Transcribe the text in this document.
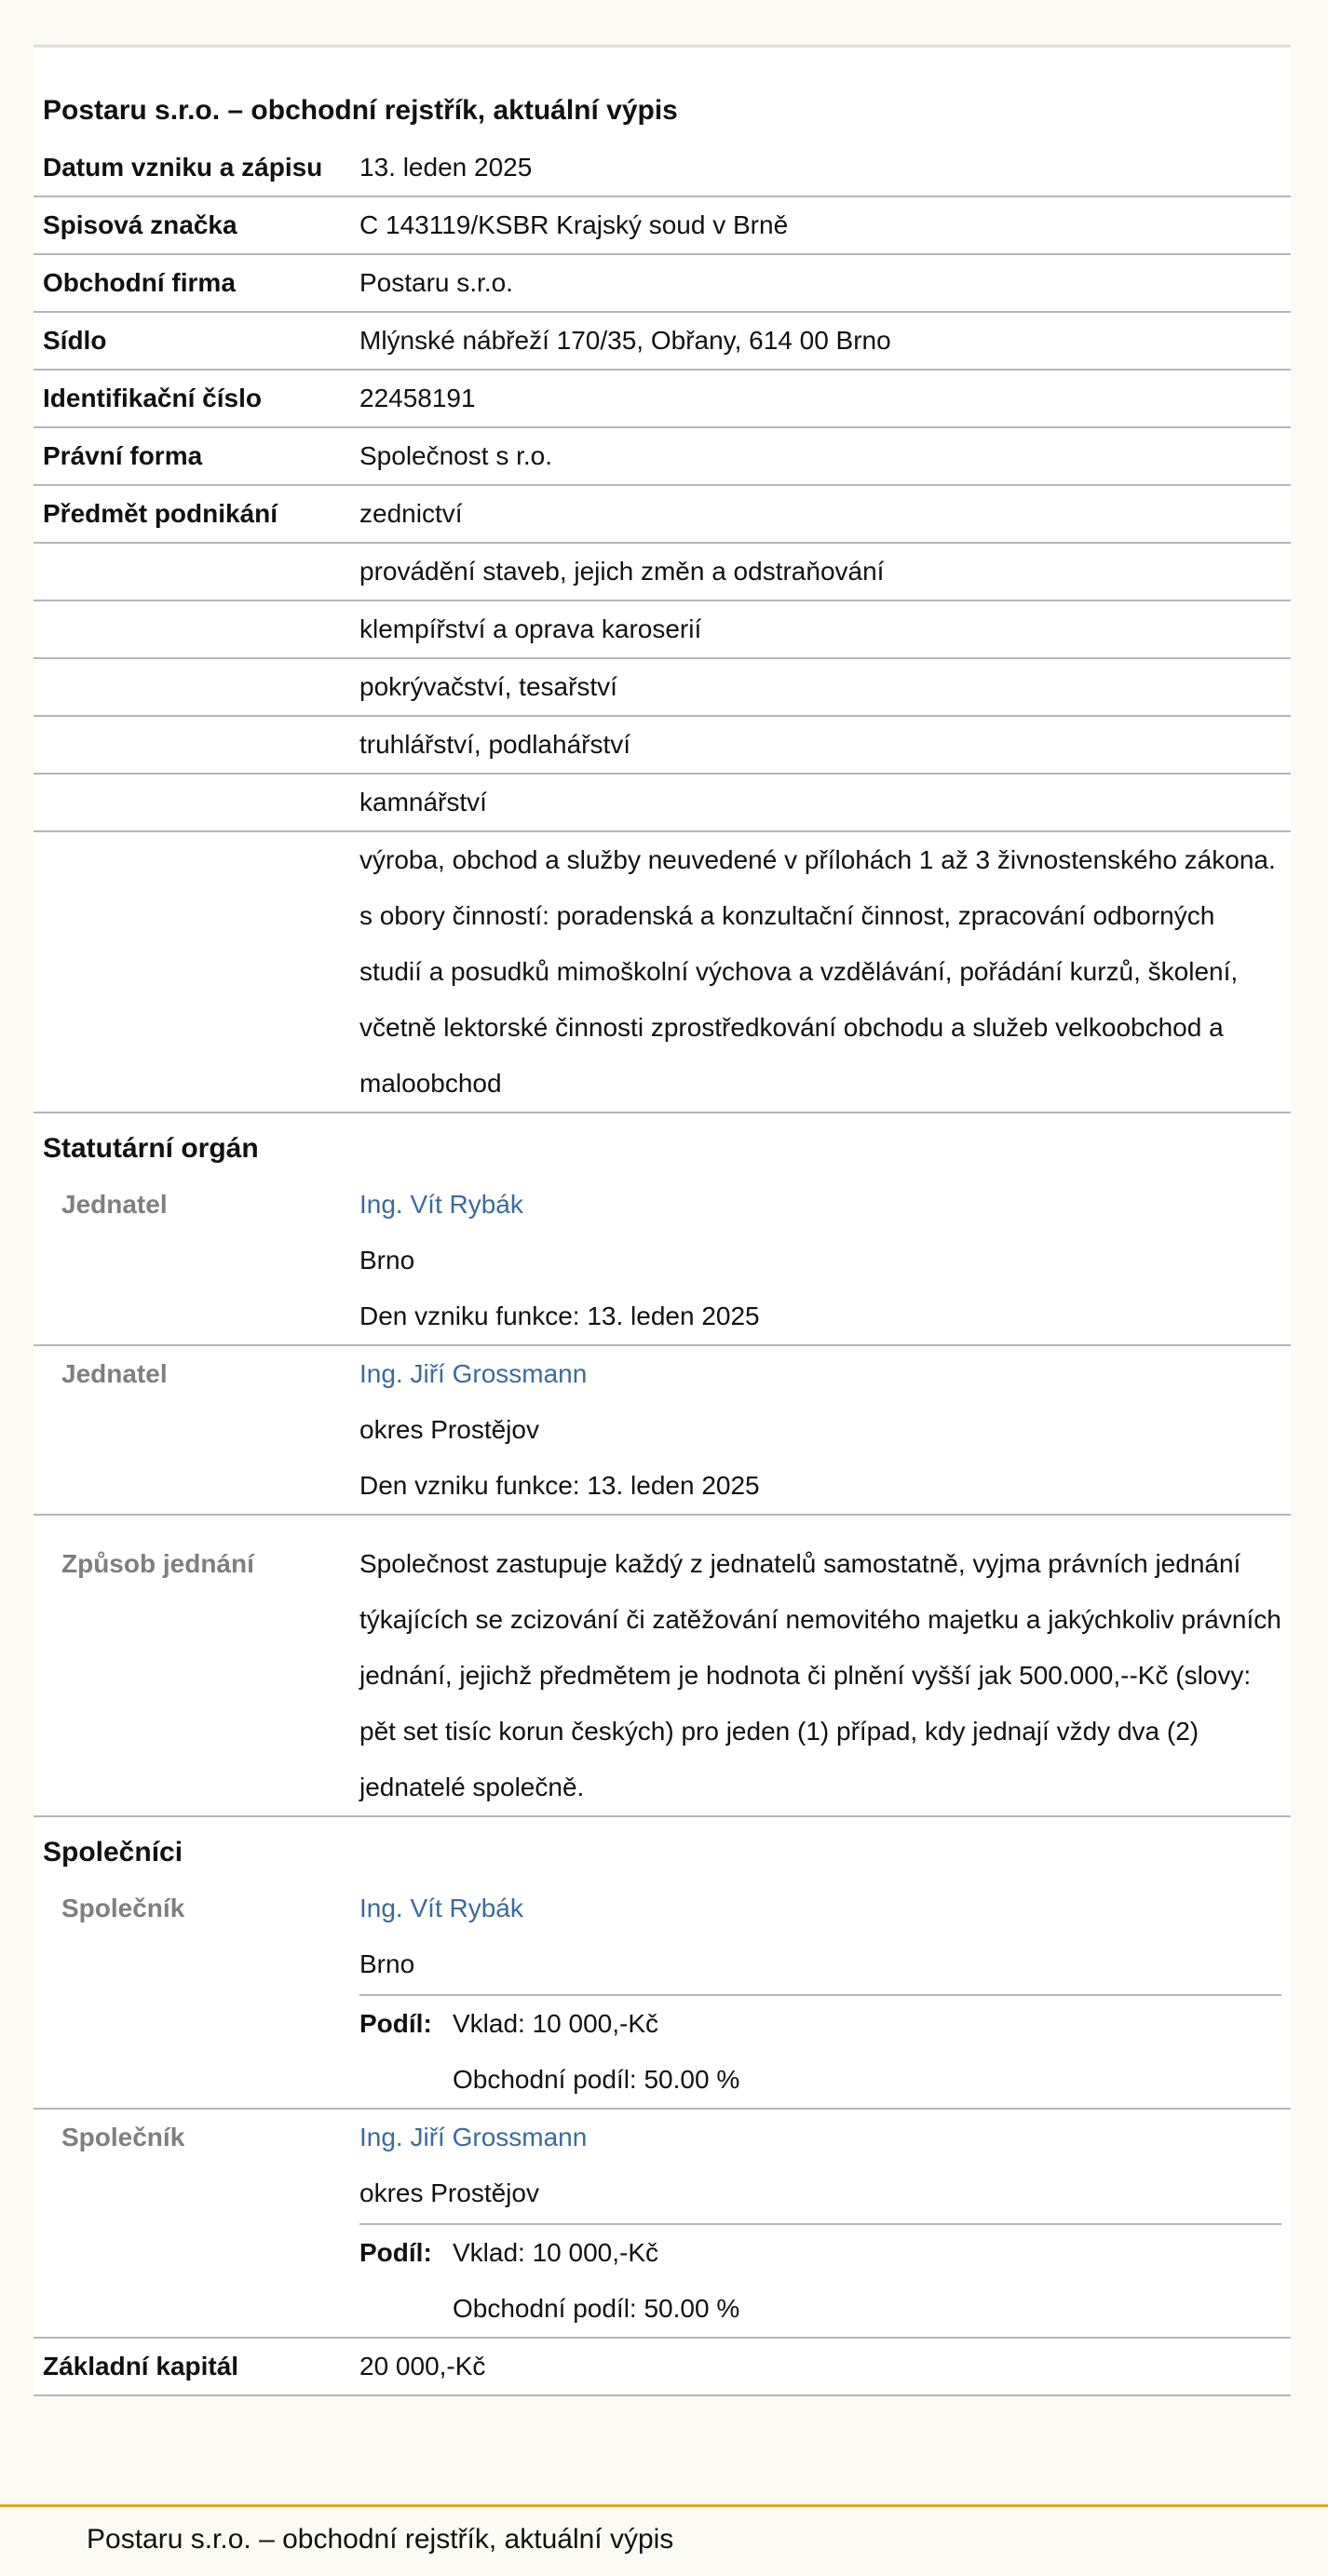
Postaru s.r.o. – obchodní rejstřík, aktuální výpis
Datum vzniku a zápisu	13. leden 2025
Spisová značka	C 143119/KSBR Krajský soud v Brně
Obchodní firma	Postaru s.r.o.
Sídlo	Mlýnské nábřeží 170/35, Obřany, 614 00 Brno
Identifikační číslo	22458191
Právní forma	Společnost s r.o.
Předmět podnikání	zednictví
	provádění staveb, jejich změn a odstraňování
	klempířství a oprava karoserií
	pokrývačství, tesařství
	truhlářství, podlahářství
	kamnářství
	výroba, obchod a služby neuvedené v přílohách 1 až 3 živnostenského zákona. s obory činností: poradenská a konzultační činnost, zpracování odborných studií a posudků mimoškolní výchova a vzdělávání, pořádání kurzů, školení, včetně lektorské činnosti zprostředkování obchodu a služeb velkoobchod a maloobchod
Statutární orgán
Jednatel	Ing. Vít Rybák
Brno
Den vzniku funkce: 13. leden 2025

Jednatel	Ing. Jiří Grossmann
okres Prostějov
Den vzniku funkce: 13. leden 2025

Způsob jednání	Společnost zastupuje každý z jednatelů samostatně, vyjma právních jednání týkajících se zcizování či zatěžování nemovitého majetku a jakýchkoliv právních jednání, jejichž předmětem je hodnota či plnění vyšší jak 500.000,--Kč (slovy: pět set tisíc korun českých) pro jeden (1) případ, kdy jednají vždy dva (2) jednatelé společně.
Společníci
Společník	Ing. Vít Rybák
Brno
Podíl:	Vklad: 10 000,-Kč
	Obchodní podíl: 50.00 %

Společník	Ing. Jiří Grossmann
okres Prostějov
Podíl:	Vklad: 10 000,-Kč
	Obchodní podíl: 50.00 %

Základní kapitál	20 000,-Kč
Postaru s.r.o. – obchodní rejstřík, aktuální výpis
